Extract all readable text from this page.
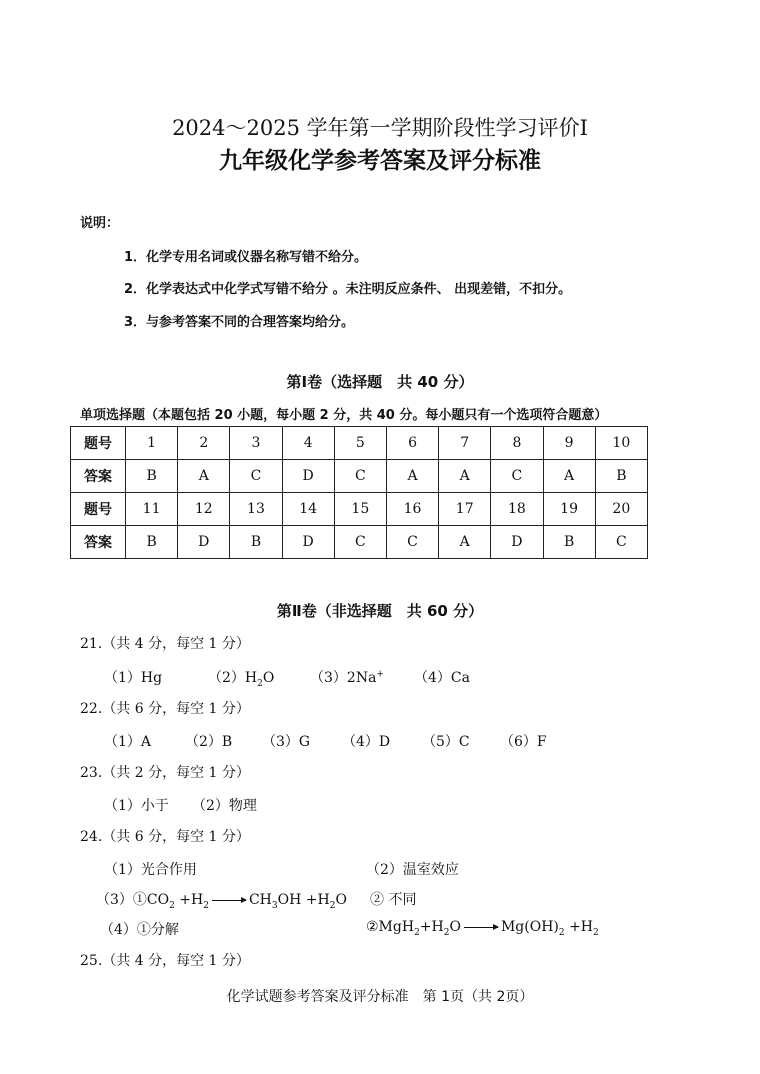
2024～2025 学年第一学期阶段性学习评价Ⅰ
九年级化学参考答案及评分标准
说明：
1．化学专用名词或仪器名称写错不给分。
2．化学表达式中化学式写错不给分 。未注明反应条件、 出现差错，不扣分。
3．与参考答案不同的合理答案均给分。
第Ⅰ卷（选择题　共 40 分）
单项选择题（本题包括 20 小题，每小题 2 分，共 40 分。每小题只有一个选项符合题意）
题号	1	2	3	4	5	6	7	8	9	10
答案	B	A	C	D	C	A	A	C	A	B
题号	11	12	13	14	15	16	17	18	19	20
答案	B	D	B	D	C	C	A	D	B	C
第Ⅱ卷（非选择题　共 60 分）
21.（共 4 分，每空 1 分）
（1）Hg	$(2)H_2O$	（3）2Na+ （4）Ca
22.（共 6 分，每空 1 分）
（1）A （2）B （3）G （4）D （5）C （6）F
23.（共 2 分，每空 1 分）
（1）小于 （2）物理
24.（共 6 分，每空 1 分）
（1）光合作用	（2）温室效应
$(3)①CO_2 +H_2 \to CH_3OH +H_2O$ ② 不同
（4）①分解	$②MgH_2+H_2O \to Mg(OH)_2 +H_2$
25.（共 4 分，每空 1 分）
化学试题参考答案及评分标准　第 1页（共 2页）
